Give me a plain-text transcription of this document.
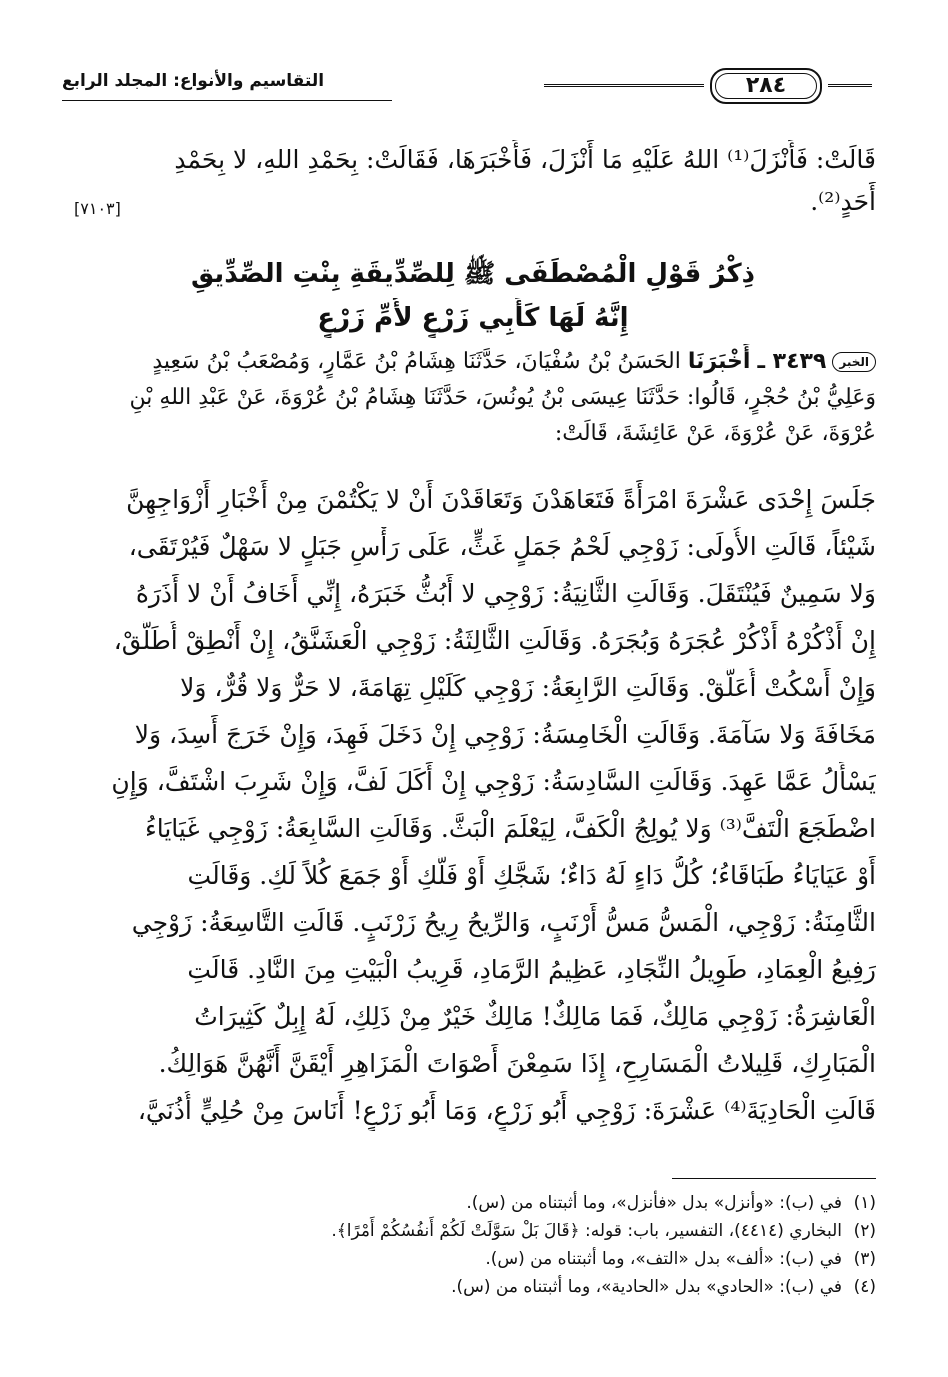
٢٨٤
التقاسيم والأنواع: المجلد الرابع
قَالَتْ: فَأَنْزَلَ⁽¹⁾ اللهُ عَلَيْهِ مَا أَنْزَلَ، فَأَخْبَرَهَا، فَقَالَتْ: بِحَمْدِ اللهِ، لا بِحَمْدِ
أَحَدٍ⁽²⁾.
[٧١٠٣]
ذِكْرُ قَوْلِ الْمُصْطَفَى ﷺ لِلصِّدِّيقَةِ بِنْتِ الصِّدِّيقِ
إِنَّهُ لَهَا كَأَبِي زَرْعٍ لأُمِّ زَرْعٍ
الخبر٣٤٣٩ ـ أَخْبَرَنَا الحَسَنُ بْنُ سُفْيَانَ، حَدَّثَنَا هِشَامُ بْنُ عَمَّارٍ، وَمُصْعَبُ بْنُ سَعِيدٍ
وَعَلِيُّ بْنُ حُجْرٍ، قَالُوا: حَدَّثَنَا عِيسَى بْنُ يُونُسَ، حَدَّثَنَا هِشَامُ بْنُ عُرْوَةَ، عَنْ عَبْدِ اللهِ بْنِ
عُرْوَةَ، عَنْ عُرْوَةَ، عَنْ عَائِشَةَ، قَالَتْ:
جَلَسَ إِحْدَى عَشْرَةَ امْرَأَةً فَتَعَاهَدْنَ وَتَعَاقَدْنَ أَنْ لا يَكْتُمْنَ مِنْ أَخْبَارِ أَزْوَاجِهِنَّ
شَيْئاً، قَالَتِ الأُولَى: زَوْجِي لَحْمُ جَمَلٍ غَثٍّ، عَلَى رَأْسِ جَبَلٍ لا سَهْلٌ فَيُرْتَقَى،
وَلا سَمِينٌ فَيُنْتَقَلَ. وَقَالَتِ الثَّانِيَةُ: زَوْجِي لا أَبُثُّ خَبَرَهُ، إِنِّي أَخَافُ أَنْ لا أَذَرَهُ
إِنْ أَذْكُرْهُ أَذْكُرْ عُجَرَهُ وَبُجَرَهُ. وَقَالَتِ الثَّالِثَةُ: زَوْجِي الْعَشَنَّقُ، إِنْ أَنْطِقْ أُطَلَّقْ،
وَإِنْ أَسْكُتْ أُعَلَّقْ. وَقَالَتِ الرَّابِعَةُ: زَوْجِي كَلَيْلِ تِهَامَةَ، لا حَرٌّ وَلا قُرٌّ، وَلا
مَخَافَةَ وَلا سَآمَةَ. وَقَالَتِ الْخَامِسَةُ: زَوْجِي إِنْ دَخَلَ فَهِدَ، وَإِنْ خَرَجَ أَسِدَ، وَلا
يَسْأَلُ عَمَّا عَهِدَ. وَقَالَتِ السَّادِسَةُ: زَوْجِي إِنْ أَكَلَ لَفَّ، وَإِنْ شَرِبَ اشْتَفَّ، وَإِنِ
اضْطَجَعَ الْتَفَّ⁽³⁾ وَلا يُولِجُ الْكَفَّ، لِيَعْلَمَ الْبَثَّ. وَقَالَتِ السَّابِعَةُ: زَوْجِي غَيَايَاءُ
أَوْ عَيَايَاءُ طَبَاقَاءُ؛ كُلُّ دَاءٍ لَهُ دَاءٌ؛ شَجَّكِ أَوْ فَلَّكِ أَوْ جَمَعَ كُلاً لَكِ. وَقَالَتِ
الثَّامِنَةُ: زَوْجِي، الْمَسُّ مَسُّ أَرْنَبٍ، وَالرِّيحُ رِيحُ زَرْنَبٍ. قَالَتِ التَّاسِعَةُ: زَوْجِي
رَفِيعُ الْعِمَادِ، طَوِيلُ النِّجَادِ، عَظِيمُ الرَّمَادِ، قَرِيبُ الْبَيْتِ مِنَ النَّادِ. قَالَتِ
الْعَاشِرَةُ: زَوْجِي مَالِكٌ، فَمَا مَالِكٌ! مَالِكٌ خَيْرٌ مِنْ ذَلِكِ، لَهُ إِبِلٌ كَثِيرَاتُ
الْمَبَارِكِ، قَلِيلاتُ الْمَسَارِحِ، إِذَا سَمِعْنَ أَصْوَاتَ الْمَزَاهِرِ أَيْقَنَّ أَنَّهُنَّ هَوَالِكُ.
قَالَتِ الْحَادِيَةَ⁽⁴⁾ عَشْرَةَ: زَوْجِي أَبُو زَرْعٍ، وَمَا أَبُو زَرْعٍ! أَنَاسَ مِنْ حُلِيٍّ أُذُنَيَّ،
(١)في (ب): «وأنزل» بدل «فأنزل»، وما أثبتناه من (س).
(٢)البخاري (٤٤١٤)، التفسير، باب: قوله: ﴿قَالَ بَلْ سَوَّلَتْ لَكُمْ أَنفُسُكُمْ أَمْرًا﴾.
(٣)في (ب): «ألف» بدل «التف»، وما أثبتناه من (س).
(٤)في (ب): «الحادي» بدل «الحادية»، وما أثبتناه من (س).
